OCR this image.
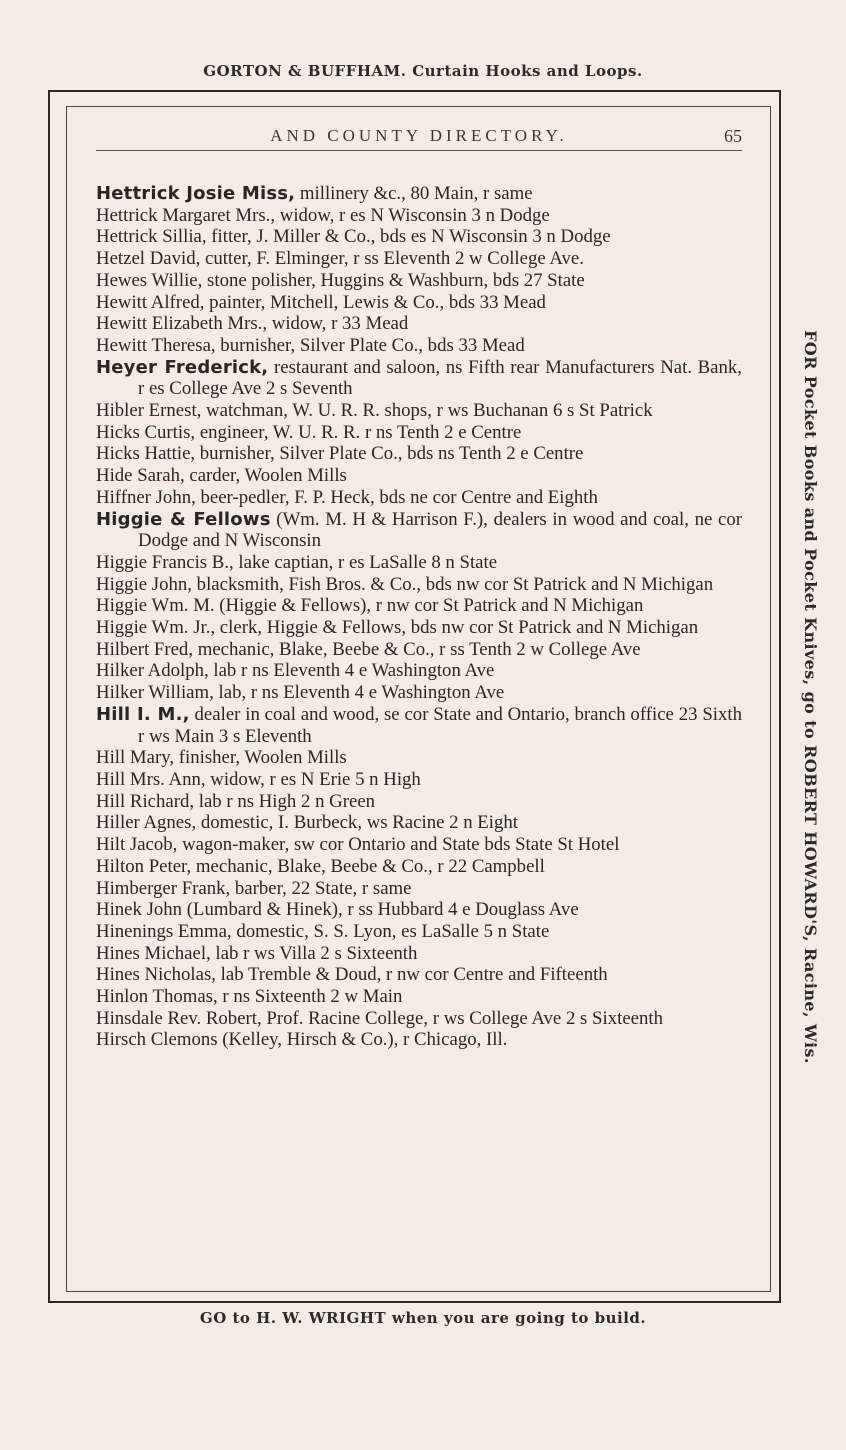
GORTON & BUFFHAM. Curtain Hooks and Loops.
FOR Pocket Books and Pocket Knives, go to ROBERT HOWARD'S, Racine, Wis.
AND COUNTY DIRECTORY.	65

Hettrick Josie Miss, millinery &c., 80 Main, r same

Hettrick Margaret Mrs., widow, r es N Wisconsin 3 n Dodge

Hettrick Sillia, fitter, J. Miller & Co., bds es N Wisconsin 3 n Dodge

Hetzel David, cutter, F. Elminger, r ss Eleventh 2 w College Ave.

Hewes Willie, stone polisher, Huggins & Washburn, bds 27 State

Hewitt Alfred, painter, Mitchell, Lewis & Co., bds 33 Mead

Hewitt Elizabeth Mrs., widow, r 33 Mead

Hewitt Theresa, burnisher, Silver Plate Co., bds 33 Mead

Heyer Frederick, restaurant and saloon, ns Fifth rear Manufacturers Nat. Bank, r es College Ave 2 s Seventh

Hibler Ernest, watchman, W. U. R. R. shops, r ws Buchanan 6 s St Patrick

Hicks Curtis, engineer, W. U. R. R. r ns Tenth 2 e Centre

Hicks Hattie, burnisher, Silver Plate Co., bds ns Tenth 2 e Centre

Hide Sarah, carder, Woolen Mills

Hiffner John, beer-pedler, F. P. Heck, bds ne cor Centre and Eighth

Higgie & Fellows (Wm. M. H & Harrison F.), dealers in wood and coal, ne cor Dodge and N Wisconsin

Higgie Francis B., lake captian, r es LaSalle 8 n State

Higgie John, blacksmith, Fish Bros. & Co., bds nw cor St Patrick and N Michigan

Higgie Wm. M. (Higgie & Fellows), r nw cor St Patrick and N Michigan

Higgie Wm. Jr., clerk, Higgie & Fellows, bds nw cor St Patrick and N Michigan

Hilbert Fred, mechanic, Blake, Beebe & Co., r ss Tenth 2 w College Ave

Hilker Adolph, lab r ns Eleventh 4 e Washington Ave

Hilker William, lab, r ns Eleventh 4 e Washington Ave

Hill I. M., dealer in coal and wood, se cor State and Ontario, branch office 23 Sixth r ws Main 3 s Eleventh

Hill Mary, finisher, Woolen Mills

Hill Mrs. Ann, widow, r es N Erie 5 n High

Hill Richard, lab r ns High 2 n Green

Hiller Agnes, domestic, I. Burbeck, ws Racine 2 n Eight

Hilt Jacob, wagon-maker, sw cor Ontario and State bds State St Hotel

Hilton Peter, mechanic, Blake, Beebe & Co., r 22 Campbell

Himberger Frank, barber, 22 State, r same

Hinek John (Lumbard & Hinek), r ss Hubbard 4 e Douglass Ave

Hinenings Emma, domestic, S. S. Lyon, es LaSalle 5 n State

Hines Michael, lab r ws Villa 2 s Sixteenth

Hines Nicholas, lab Tremble & Doud, r nw cor Centre and Fifteenth

Hinlon Thomas, r ns Sixteenth 2 w Main

Hinsdale Rev. Robert, Prof. Racine College, r ws College Ave 2 s Sixteenth

Hirsch Clemons (Kelley, Hirsch & Co.), r Chicago, Ill.

GO to H. W. WRIGHT when you are going to build.
